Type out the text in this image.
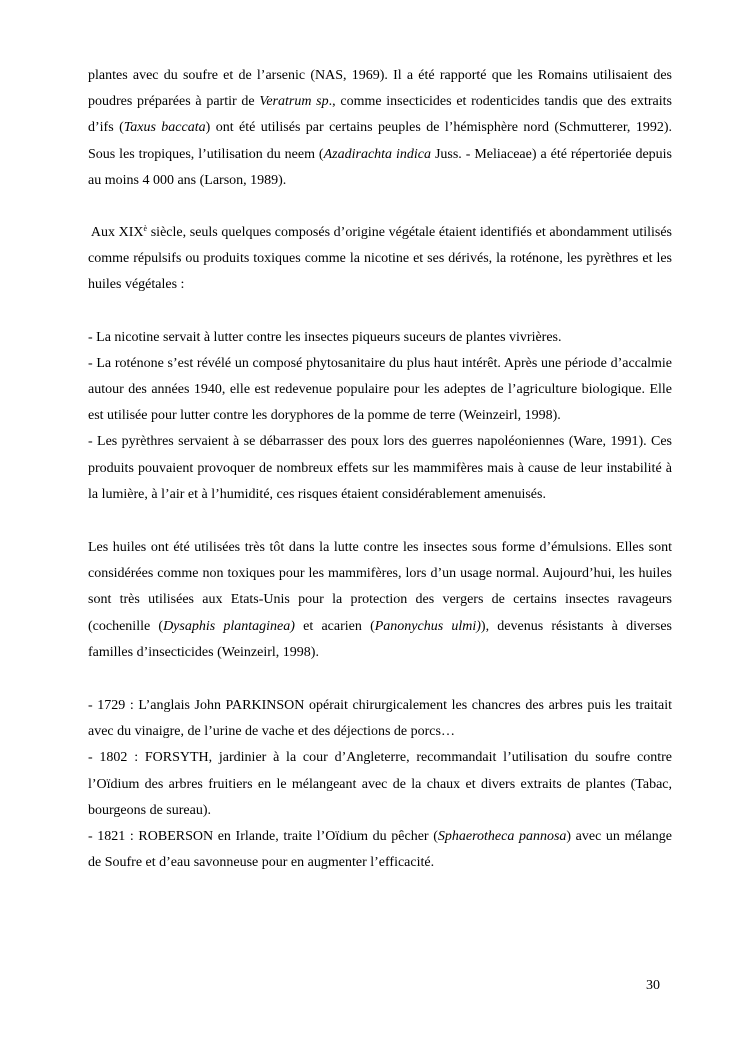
plantes avec du soufre et de l’arsenic (NAS, 1969). Il a été rapporté que les Romains utilisaient des poudres préparées à partir de Veratrum sp., comme insecticides et rodenticides tandis que des extraits d’ifs (Taxus baccata) ont été utilisés par certains peuples de l’hémisphère nord (Schmutterer, 1992). Sous les tropiques, l’utilisation du neem (Azadirachta indica Juss. - Meliaceae) a été répertoriée depuis au moins 4 000 ans (Larson, 1989).

Aux $XIX^è$ siècle, seuls quelques composés d’origine végétale étaient identifiés et abondamment utilisés comme répulsifs ou produits toxiques comme la nicotine et ses dérivés, la roténone, les pyrèthres et les huiles végétales :

- La nicotine servait à lutter contre les insectes piqueurs suceurs de plantes vivrières.

- La roténone s’est révélé un composé phytosanitaire du plus haut intérêt. Après une période d’accalmie autour des années 1940, elle est redevenue populaire pour les adeptes de l’agriculture biologique. Elle est utilisée pour lutter contre les doryphores de la pomme de terre (Weinzeirl, 1998).

- Les pyrèthres servaient à se débarrasser des poux lors des guerres napoléoniennes (Ware, 1991). Ces produits pouvaient provoquer de nombreux effets sur les mammifères mais à cause de leur instabilité à la lumière, à l’air et à l’humidité, ces risques étaient considérablement amenuisés.

Les huiles ont été utilisées très tôt dans la lutte contre les insectes sous forme d’émulsions. Elles sont considérées comme non toxiques pour les mammifères, lors d’un usage normal. Aujourd’hui, les huiles sont très utilisées aux Etats-Unis pour la protection des vergers de certains insectes ravageurs (cochenille (Dysaphis plantaginea) et acarien (Panonychus ulmi)), devenus résistants à diverses familles d’insecticides (Weinzeirl, 1998).

- 1729 : L’anglais John PARKINSON opérait chirurgicalement les chancres des arbres puis les traitait avec du vinaigre, de l’urine de vache et des déjections de porcs…

- 1802 : FORSYTH, jardinier à la cour d’Angleterre, recommandait l’utilisation du soufre contre l’Oïdium des arbres fruitiers en le mélangeant avec de la chaux et divers extraits de plantes (Tabac, bourgeons de sureau).

- 1821 : ROBERSON en Irlande, traite l’Oïdium du pêcher (Sphaerotheca pannosa) avec un mélange de Soufre et d’eau savonneuse pour en augmenter l’efficacité.

30
